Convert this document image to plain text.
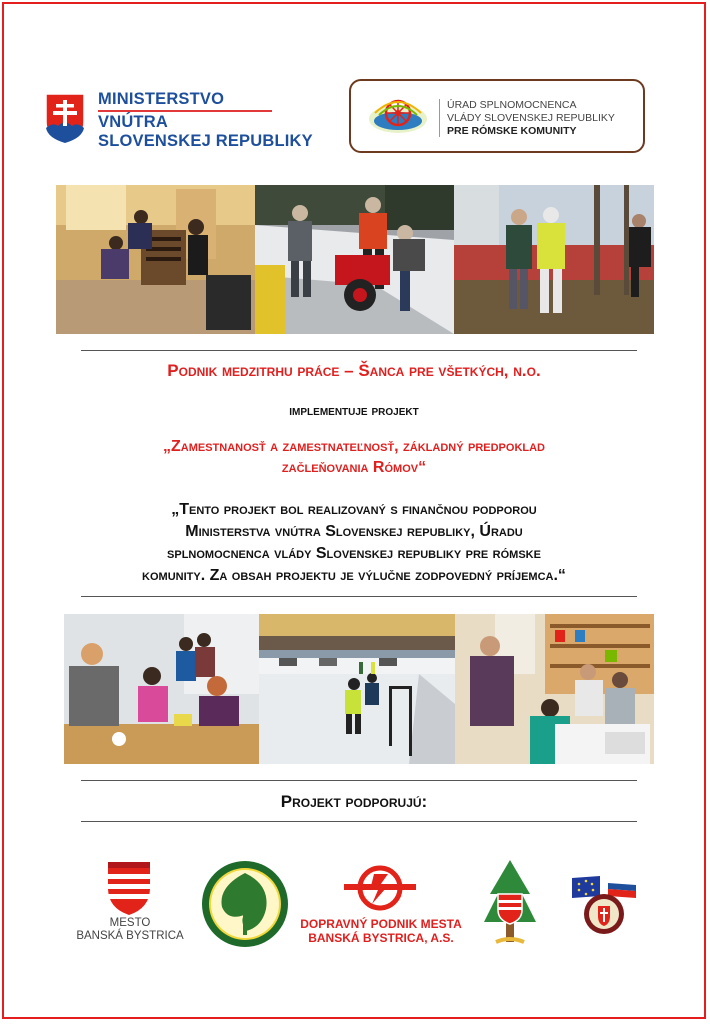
MINISTERSTVO
VNÚTRA
SLOVENSKEJ REPUBLIKY
ÚRAD SPLNOMOCNENCA
VLÁDY SLOVENSKEJ REPUBLIKY
PRE RÓMSKE KOMUNITY
Podnik medzitrhu práce – Šanca pre všetkých, n.o.
implementuje projekt
„Zamestnanosť a zamestnateľnosť, základný predpoklad
začleňovania Rómov“
„Tento projekt bol realizovaný s finančnou podporou
Ministerstva vnútra Slovenskej republiky, Úradu
splnomocnenca vlády Slovenskej republiky pre rómske
komunity. Za obsah projektu je výlučne zodpovedný príjemca.“
Projekt podporujú:
MESTO
BANSKÁ BYSTRICA
DOPRAVNÝ PODNIK MESTA
BANSKÁ BYSTRICA, A.S.
